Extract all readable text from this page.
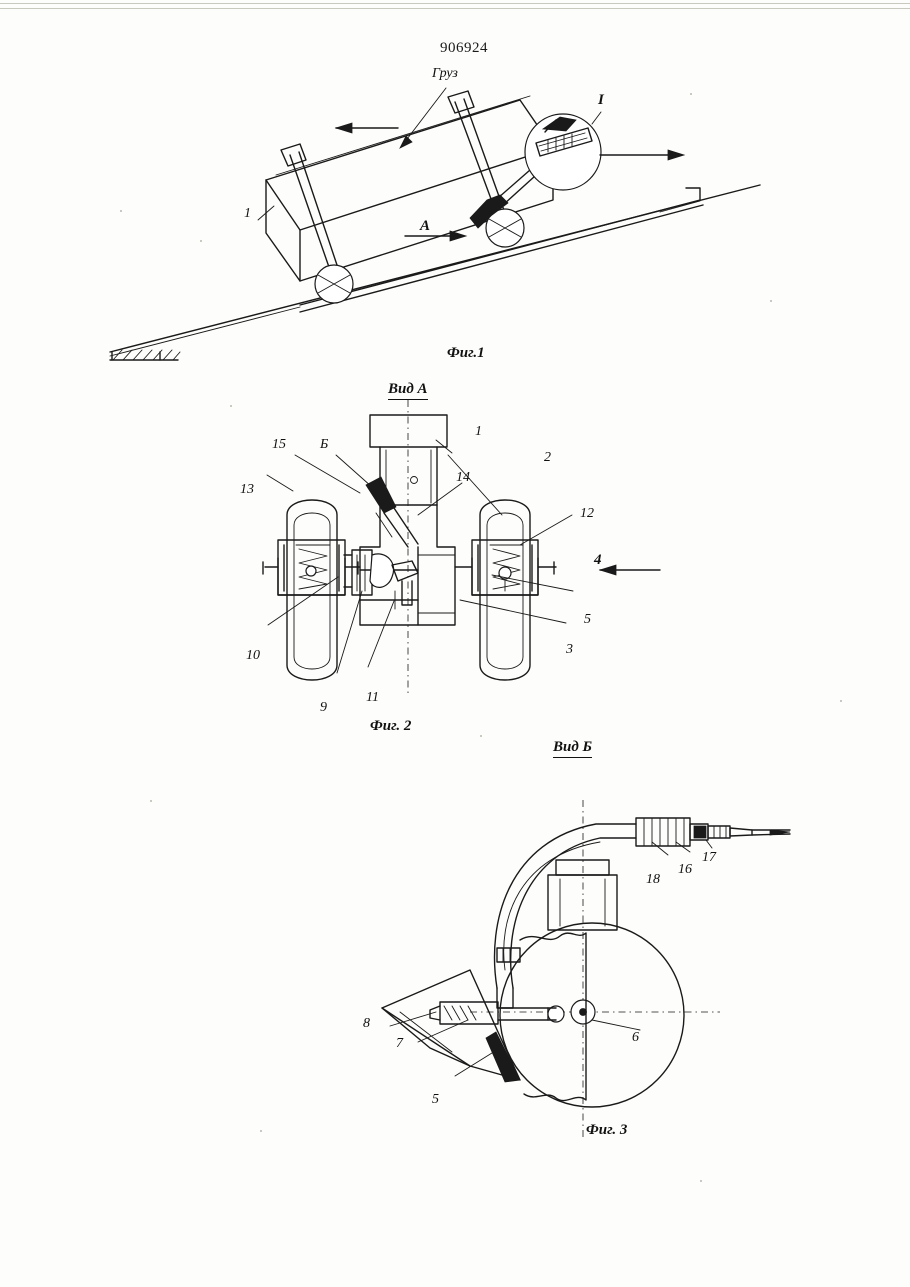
906924
Груз
I
А
1
Фиг.1
Вид А
15 Б
1
2
14
13
12
4
5
10	3
9
11
Фиг. 2
Вид Б
17
16
18
8
7
5
6
Фиг. 3
